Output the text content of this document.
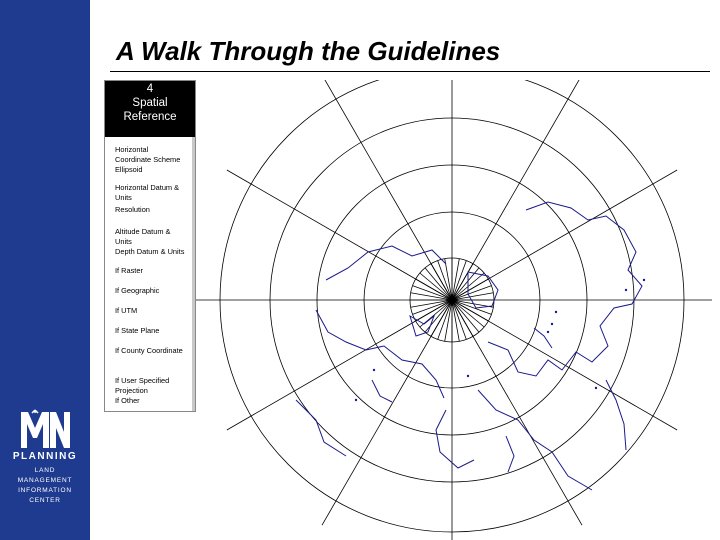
PLANNING
LAND
MANAGEMENT
INFORMATION
CENTER
A Walk Through the Guidelines
4
Spatial
Reference
Horizontal
Coordinate Scheme
Ellipsoid
Horizontal Datum &
Units
Resolution
Altitude Datum &
Units
Depth Datum & Units
If Raster
If Geographic
If UTM
If State Plane
If County Coordinate
If User Specified
Projection
If Other
